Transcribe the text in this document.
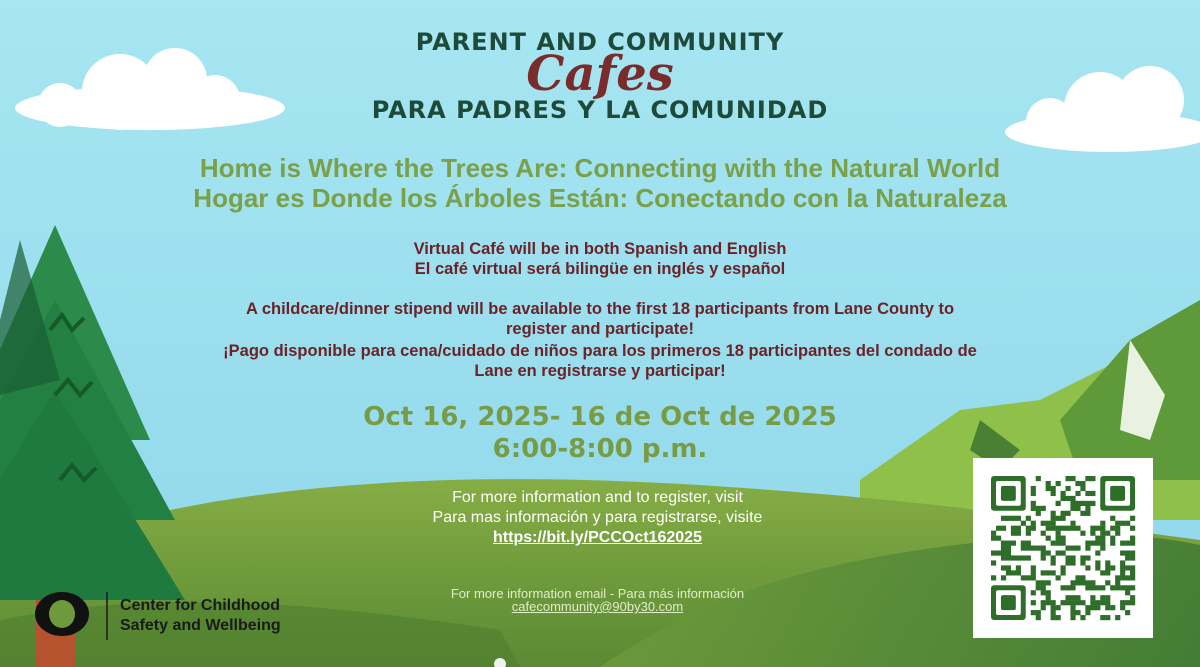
PARENT AND COMMUNITY
Cafes
PARA PADRES Y LA COMUNIDAD
Home is Where the Trees Are: Connecting with the Natural World
Hogar es Donde los Árboles Están: Conectando con la Naturaleza
Virtual Café will be in both Spanish and English
El café virtual será bilingüe en inglés y español
A childcare/dinner stipend will be available to the first 18 participants from Lane County to
register and participate!
¡Pago disponible para cena/cuidado de niños para los primeros 18 participantes del condado de
Lane en registrarse y participar!
Oct 16, 2025- 16 de Oct de 2025
6:00-8:00 p.m.
For more information and to register, visit
Para mas información y para registrarse, visite
https://bit.ly/PCCOct162025
For more information email - Para más información
cafecommunity@90by30.com
Center for Childhood
Safety and Wellbeing
